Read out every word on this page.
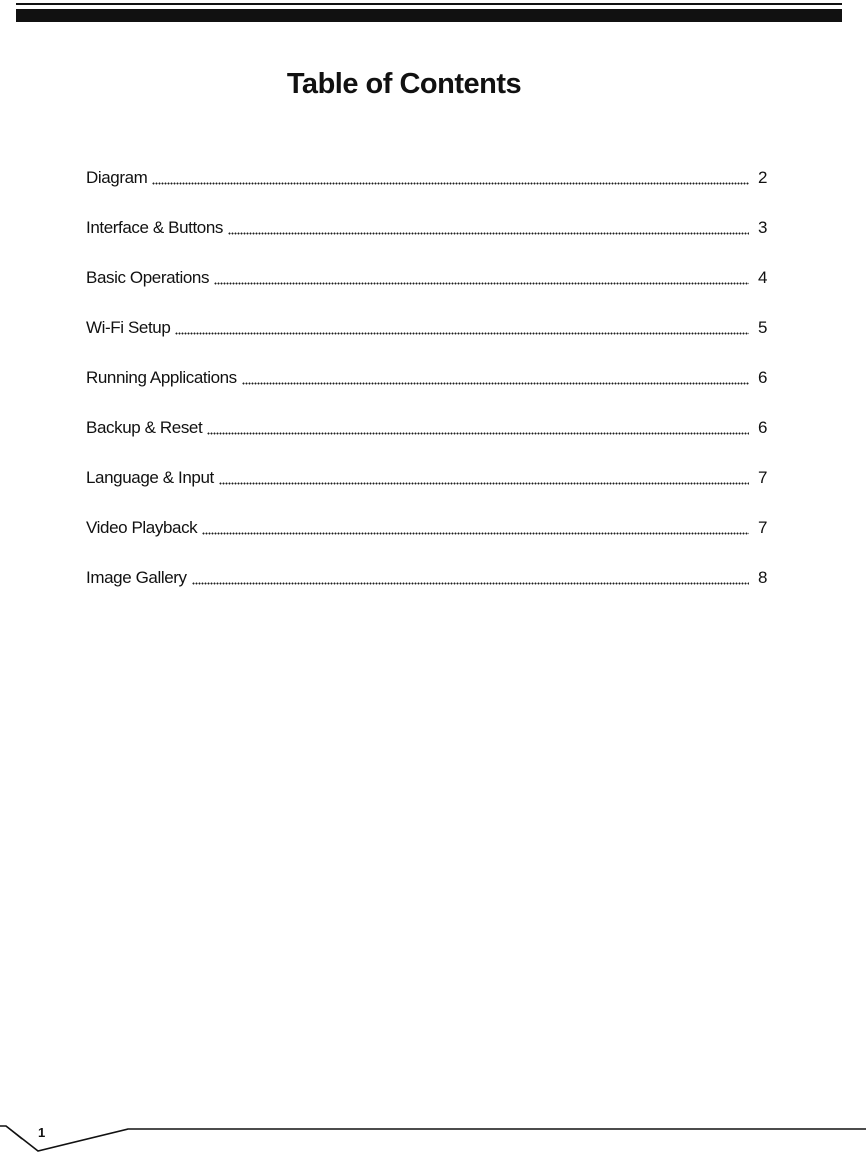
Table of Contents
Diagram	2
Interface & Buttons	3
Basic Operations	4
Wi-Fi Setup	5
Running Applications	6
Backup & Reset	6
Language & Input	7
Video Playback	7
Image Gallery	8
1
